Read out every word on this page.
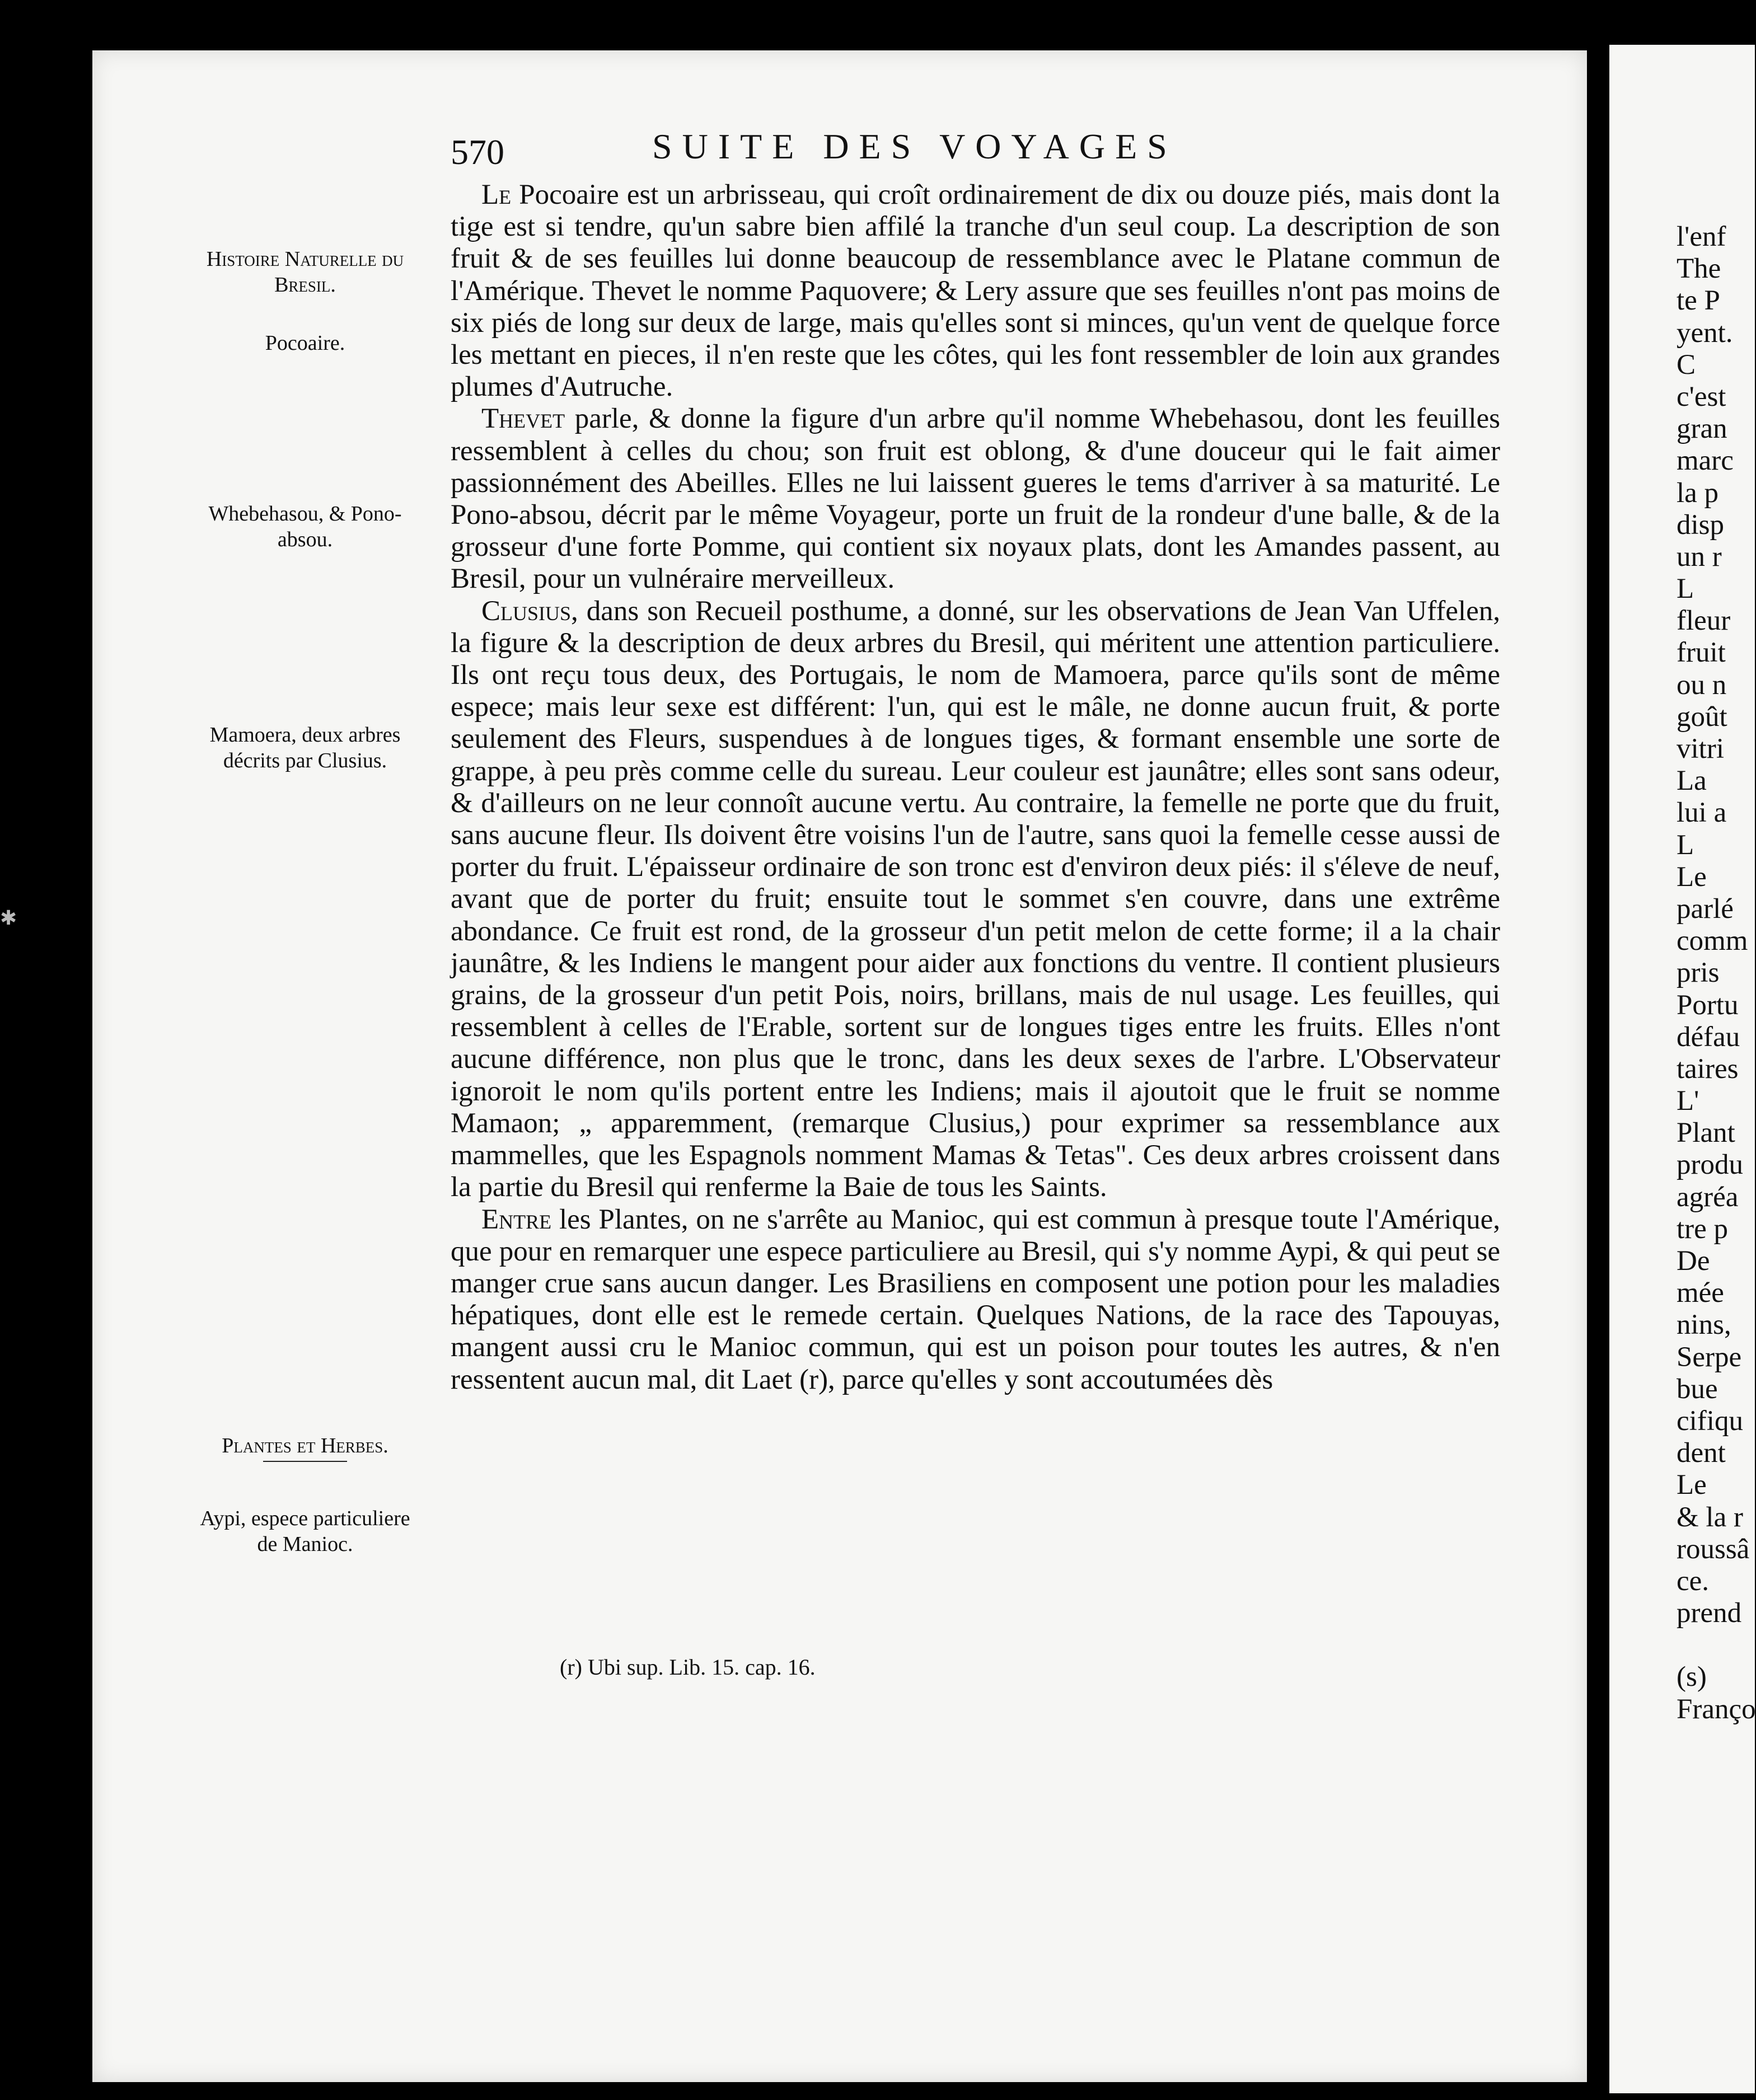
✱
570	SUITE DES VOYAGES
Histoire Naturelle du Bresil.
Pocoaire.
Whebehasou, & Pono-absou.
Mamoera, deux arbres décrits par Clusius.
Plantes et Herbes.
Aypi, espece particuliere de Manioc.

Le Pocoaire est un arbrisseau, qui croît ordinairement de dix ou douze piés, mais dont la tige est si tendre, qu'un sabre bien affilé la tranche d'un seul coup. La description de son fruit & de ses feuilles lui donne beaucoup de ressemblance avec le Platane commun de l'Amérique. Thevet le nomme Paquovere; & Lery assure que ses feuilles n'ont pas moins de six piés de long sur deux de large, mais qu'elles sont si minces, qu'un vent de quelque force les mettant en pieces, il n'en reste que les côtes, qui les font ressembler de loin aux grandes plumes d'Autruche.

Thevet parle, & donne la figure d'un arbre qu'il nomme Whebehasou, dont les feuilles ressemblent à celles du chou; son fruit est oblong, & d'une douceur qui le fait aimer passionnément des Abeilles. Elles ne lui laissent gueres le tems d'arriver à sa maturité. Le Pono-absou, décrit par le même Voyageur, porte un fruit de la rondeur d'une balle, & de la grosseur d'une forte Pomme, qui contient six noyaux plats, dont les Amandes passent, au Bresil, pour un vulnéraire merveilleux.

Clusius, dans son Recueil posthume, a donné, sur les observations de Jean Van Uffelen, la figure & la description de deux arbres du Bresil, qui méritent une attention particuliere. Ils ont reçu tous deux, des Portugais, le nom de Mamoera, parce qu'ils sont de même espece; mais leur sexe est différent: l'un, qui est le mâle, ne donne aucun fruit, & porte seulement des Fleurs, suspendues à de longues tiges, & formant ensemble une sorte de grappe, à peu près comme celle du sureau. Leur couleur est jaunâtre; elles sont sans odeur, & d'ailleurs on ne leur connoît aucune vertu. Au contraire, la femelle ne porte que du fruit, sans aucune fleur. Ils doivent être voisins l'un de l'autre, sans quoi la femelle cesse aussi de porter du fruit. L'épaisseur ordinaire de son tronc est d'environ deux piés: il s'éleve de neuf, avant que de porter du fruit; ensuite tout le sommet s'en couvre, dans une extrême abondance. Ce fruit est rond, de la grosseur d'un petit melon de cette forme; il a la chair jaunâtre, & les Indiens le mangent pour aider aux fonctions du ventre. Il contient plusieurs grains, de la grosseur d'un petit Pois, noirs, brillans, mais de nul usage. Les feuilles, qui ressemblent à celles de l'Erable, sortent sur de longues tiges entre les fruits. Elles n'ont aucune différence, non plus que le tronc, dans les deux sexes de l'arbre. L'Observateur ignoroit le nom qu'ils portent entre les Indiens; mais il ajoutoit que le fruit se nomme Mamaon; „ apparemment, (remarque Clusius,) pour exprimer sa ressemblance aux mammelles, que les Espagnols nomment Mamas & Tetas". Ces deux arbres croissent dans la partie du Bresil qui renferme la Baie de tous les Saints.

Entre les Plantes, on ne s'arrête au Manioc, qui est commun à presque toute l'Amérique, que pour en remarquer une espece particuliere au Bresil, qui s'y nomme Aypi, & qui peut se manger crue sans aucun danger. Les Brasiliens en composent une potion pour les maladies hépatiques, dont elle est le remede certain. Quelques Nations, de la race des Tapouyas, mangent aussi cru le Manioc commun, qui est un poison pour toutes les autres, & n'en ressentent aucun mal, dit Laet (r), parce qu'elles y sont accoutumées dès

(r) Ubi sup. Lib. 15. cap. 16.
l'enf
The
te P
yent.
C
c'est
gran
marc
la p
disp
un r
L
fleur
fruit
ou n
goût
vitri
La
lui a
L
Le
parlé
comm
pris
Portu
défau
taires
L'
Plant
produ
agréa
tre p
De
mée
nins,
Serpe
bue
cifiqu
dent
Le
& la r
roussâ
ce.
prend
(s)
Franço
